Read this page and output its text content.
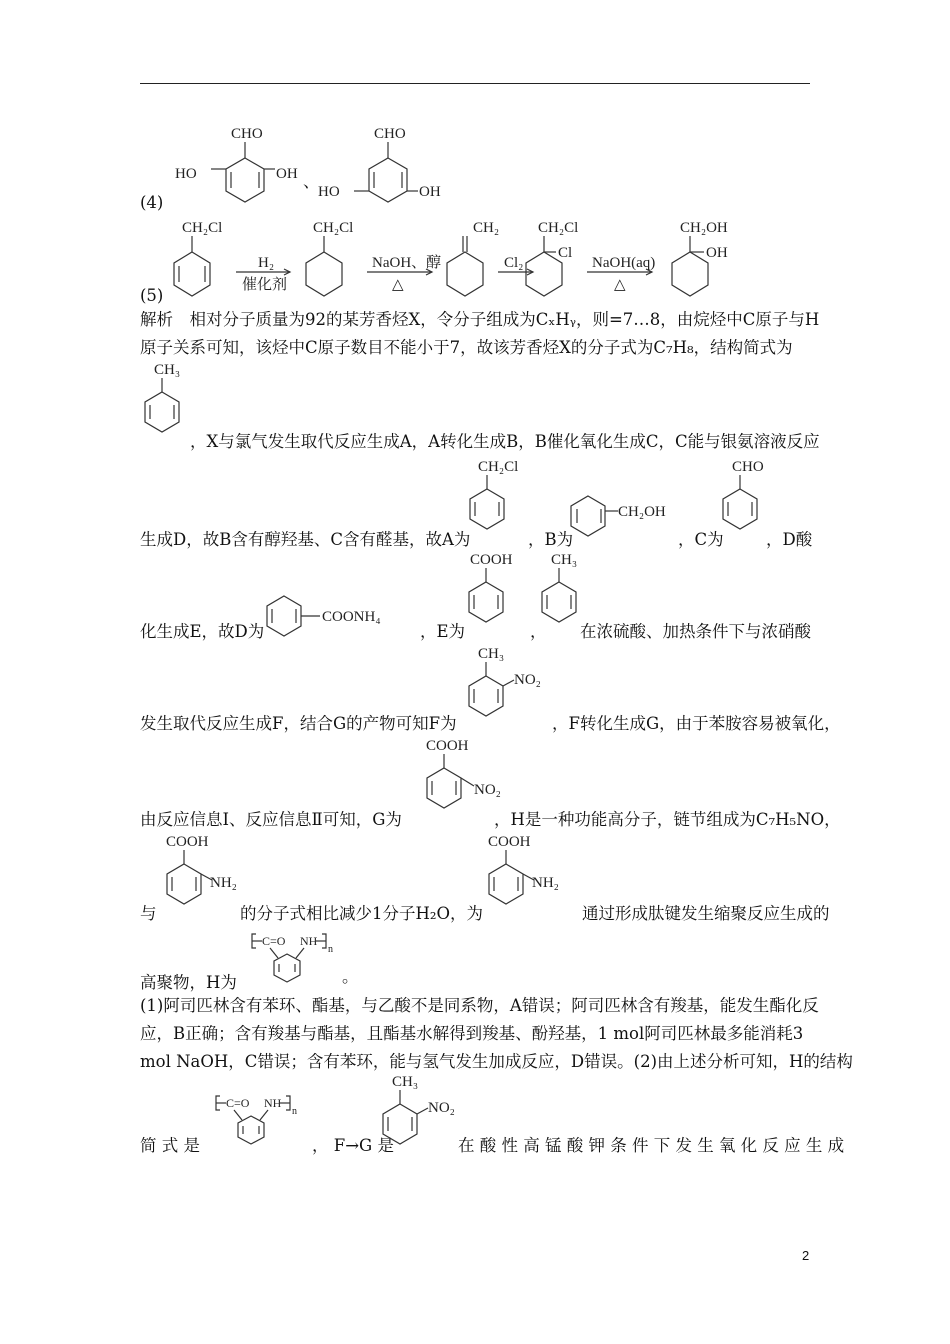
CHO
HO	OH 、
CHO
HO	OH
(4)
CH₂Cl
H₂
催化剂
CH₂Cl
NaOH、醇
△
CH₂
Cl₂
CH₂Cl
Cl
NaOH(aq)
△
CH₂OH
OH
(5)
解析　相对分子质量为92的某芳香烃X，令分子组成为CₓHᵧ，则=7…8，由烷烃中C原子与H
原子关系可知，该烃中C原子数目不能小于7，故该芳香烃X的分子式为C₇H₈，结构简式为
CH₃
，X与氯气发生取代反应生成A，A转化生成B，B催化氧化生成C，C能与银氨溶液反应
生成D，故B含有醇羟基、C含有醛基，故A为
CH₂Cl
，B为
CH₂OH
，C为
CHO
，D酸
化生成E，故D为
COONH₄
，E为
COOH
，
CH₃
在浓硫酸、加热条件下与浓硝酸
发生取代反应生成F，结合G的产物可知F为
CH₃
NO₂
，F转化生成G，由于苯胺容易被氧化，
由反应信息Ⅰ、反应信息Ⅱ可知，G为
COOH
NO₂
，H是一种功能高分子，链节组成为C₇H₅NO，
COOH
NH₂
与	的分子式相比减少1分子H₂O，为
COOH
NH₂
通过形成肽键发生缩聚反应生成的
C=O NH
n
高聚物，H为	。
(1)阿司匹林含有苯环、酯基，与乙酸不是同系物，A错误；阿司匹林含有羧基，能发生酯化反
应，B正确；含有羧基与酯基，且酯基水解得到羧基、酚羟基，1 mol阿司匹林最多能消耗3
mol NaOH，C错误；含有苯环，能与氢气发生加成反应，D错误。(2)由上述分析可知，H的结构
简 式 是
C=O NH
n
， F→G 是
CH₃
NO₂
在 酸 性 高 锰 酸 钾 条 件 下 发 生 氧 化 反 应 生 成
2
